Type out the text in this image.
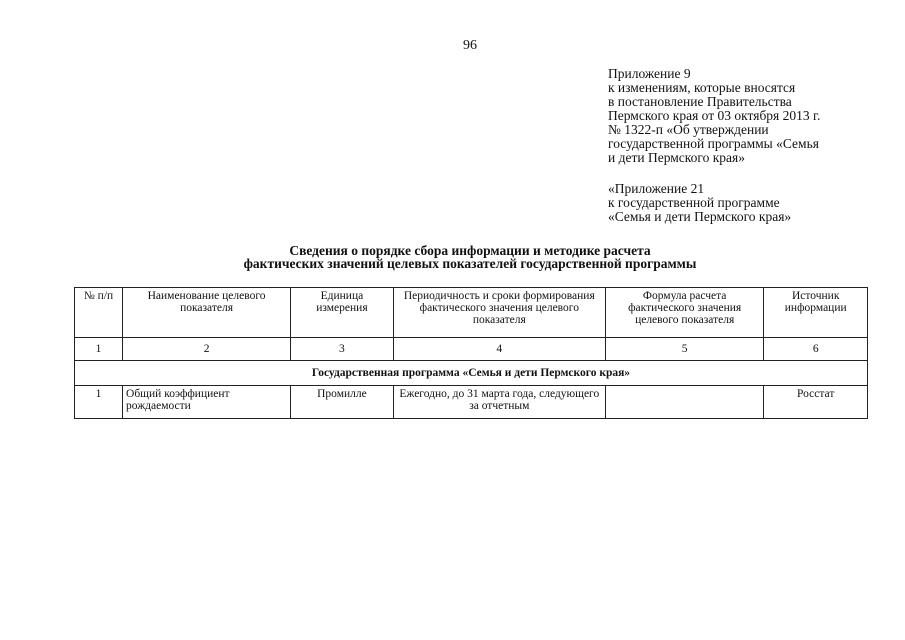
96
Приложение 9
к изменениям, которые вносятся
в постановление Правительства
Пермского края от 03 октября 2013 г.
№ 1322-п «Об утверждении
государственной программы «Семья
и дети Пермского края»
«Приложение 21
к государственной программе
«Семья и дети Пермского края»
Сведения о порядке сбора информации и методике расчета
фактических значений целевых показателей государственной программы
№ п/п	Наименование целевого показателя	Единица измерения	Периодичность и сроки формирования фактического значения целевого показателя	Формула расчета фактического значения целевого показателя	Источник информации
1	2	3	4	5	6
Государственная программа «Семья и дети Пермского края»					
1	Общий коэффициент рождаемости	Промилле	Ежегодно, до 31 марта года, следующего за отчетным		Росстат
